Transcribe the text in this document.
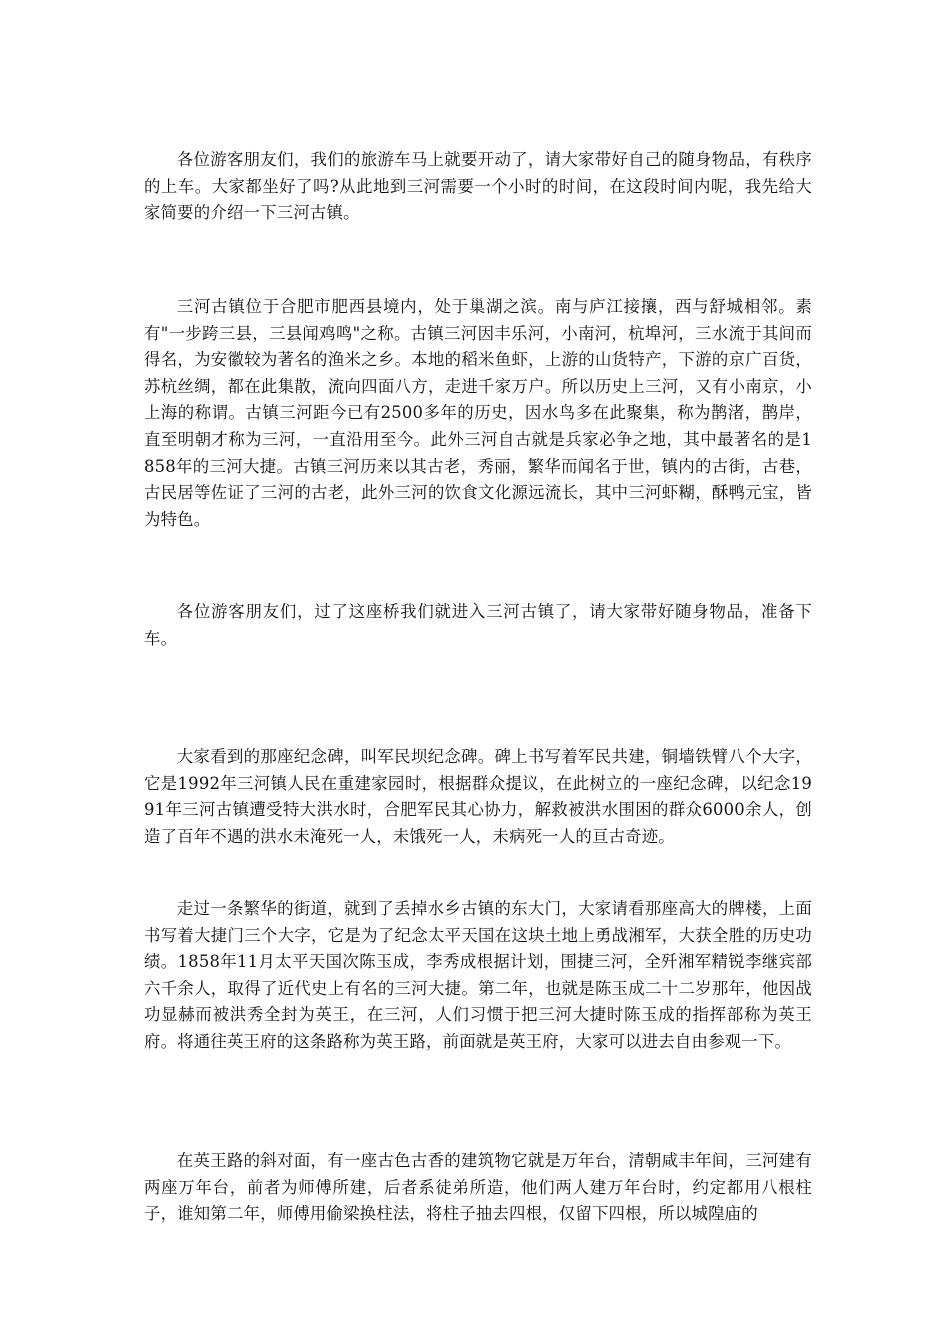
各位游客朋友们，我们的旅游车马上就要开动了，请大家带好自己的随身物品，有秩序的上车。大家都坐好了吗?从此地到三河需要一个小时的时间，在这段时间内呢，我先给大家简要的介绍一下三河古镇。

三河古镇位于合肥市肥西县境内，处于巢湖之滨。南与庐江接攘，西与舒城相邻。素有"一步跨三县，三县闻鸡鸣"之称。古镇三河因丰乐河，小南河，杭埠河，三水流于其间而得名，为安徽较为著名的渔米之乡。本地的稻米鱼虾，上游的山货特产，下游的京广百货，苏杭丝绸，都在此集散，流向四面八方，走进千家万户。所以历史上三河，又有小南京，小上海的称谓。古镇三河距今已有2500多年的历史，因水鸟多在此聚集，称为鹊渚，鹊岸，直至明朝才称为三河，一直沿用至今。此外三河自古就是兵家必争之地，其中最著名的是1858年的三河大捷。古镇三河历来以其古老，秀丽，繁华而闻名于世，镇内的古街，古巷，古民居等佐证了三河的古老，此外三河的饮食文化源远流长，其中三河虾糊，酥鸭元宝，皆为特色。

各位游客朋友们，过了这座桥我们就进入三河古镇了，请大家带好随身物品，准备下车。

大家看到的那座纪念碑，叫军民坝纪念碑。碑上书写着军民共建，铜墙铁臂八个大字，它是1992年三河镇人民在重建家园时，根据群众提议，在此树立的一座纪念碑，以纪念1991年三河古镇遭受特大洪水时，合肥军民其心协力，解救被洪水围困的群众6000余人，创造了百年不遇的洪水未淹死一人，未饿死一人，未病死一人的亘古奇迹。

走过一条繁华的街道，就到了丢掉水乡古镇的东大门，大家请看那座高大的牌楼，上面书写着大捷门三个大字，它是为了纪念太平天国在这块土地上勇战湘军，大获全胜的历史功绩。1858年11月太平天国次陈玉成，李秀成根据计划，围捷三河，全歼湘军精锐李继宾部六千余人，取得了近代史上有名的三河大捷。第二年，也就是陈玉成二十二岁那年，他因战功显赫而被洪秀全封为英王，在三河，人们习惯于把三河大捷时陈玉成的指挥部称为英王府。将通往英王府的这条路称为英王路，前面就是英王府，大家可以进去自由参观一下。

在英王路的斜对面，有一座古色古香的建筑物它就是万年台，清朝咸丰年间，三河建有两座万年台，前者为师傅所建，后者系徒弟所造，他们两人建万年台时，约定都用八根柱子，谁知第二年，师傅用偷梁换柱法，将柱子抽去四根，仅留下四根，所以城隍庙的
